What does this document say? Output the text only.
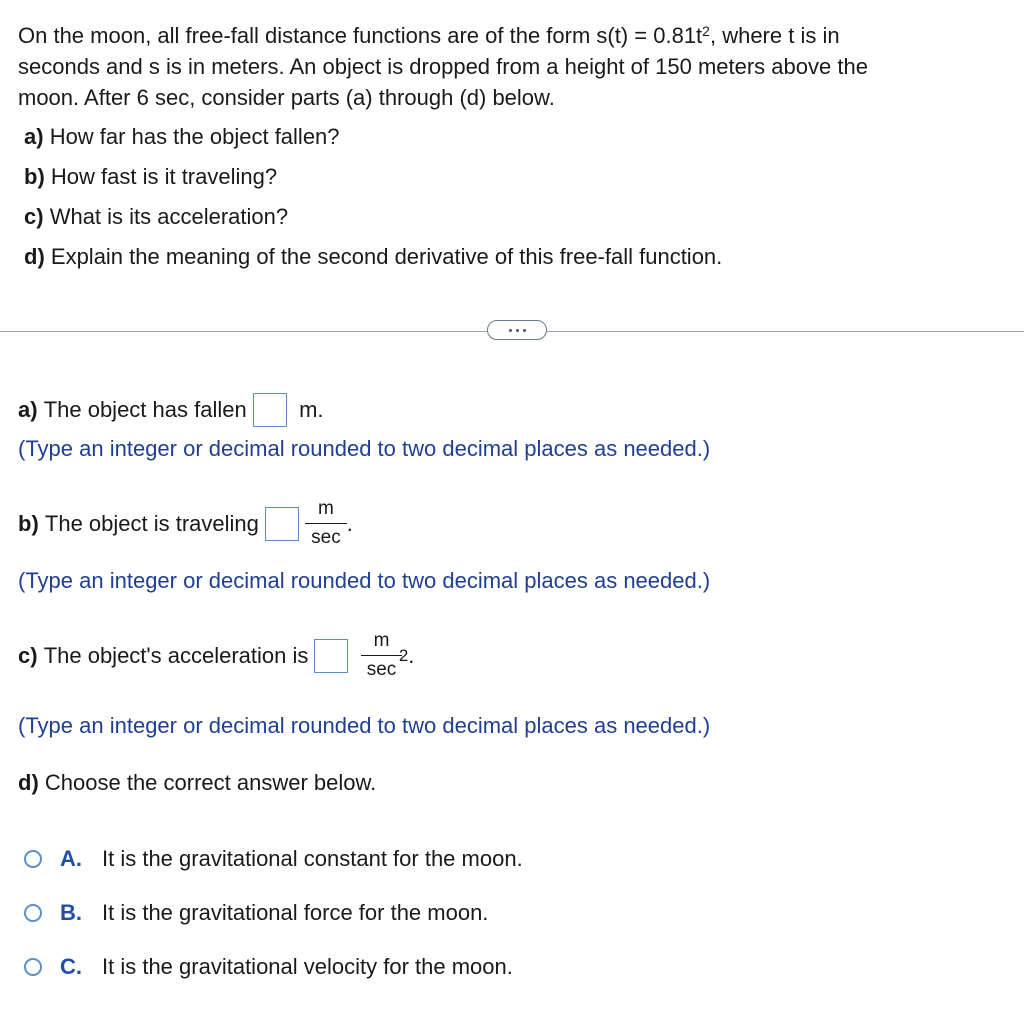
On the moon, all free-fall distance functions are of the form $s(t) = 0.81t^2$, where t is in

seconds and s is in meters. An object is dropped from a height of 150 meters above the

moon. After 6 sec, consider parts (a) through (d) below.

a) How far has the object fallen?
b) How fast is it traveling?
c) What is its acceleration?
d) Explain the meaning of the second derivative of this free-fall function.
a)
The object has fallen

m.
(Type an integer or decimal rounded to two decimal places as needed.)
b)
The object is traveling

$\frac{m}{\sec}$ .
(Type an integer or decimal rounded to two decimal places as needed.)
c)
The object's acceleration is

	m
sec
2 .
(Type an integer or decimal rounded to two decimal places as needed.)
d)
Choose the correct answer below.
A. It is the gravitational constant for the moon.
B. It is the gravitational force for the moon.
C. It is the gravitational velocity for the moon.
